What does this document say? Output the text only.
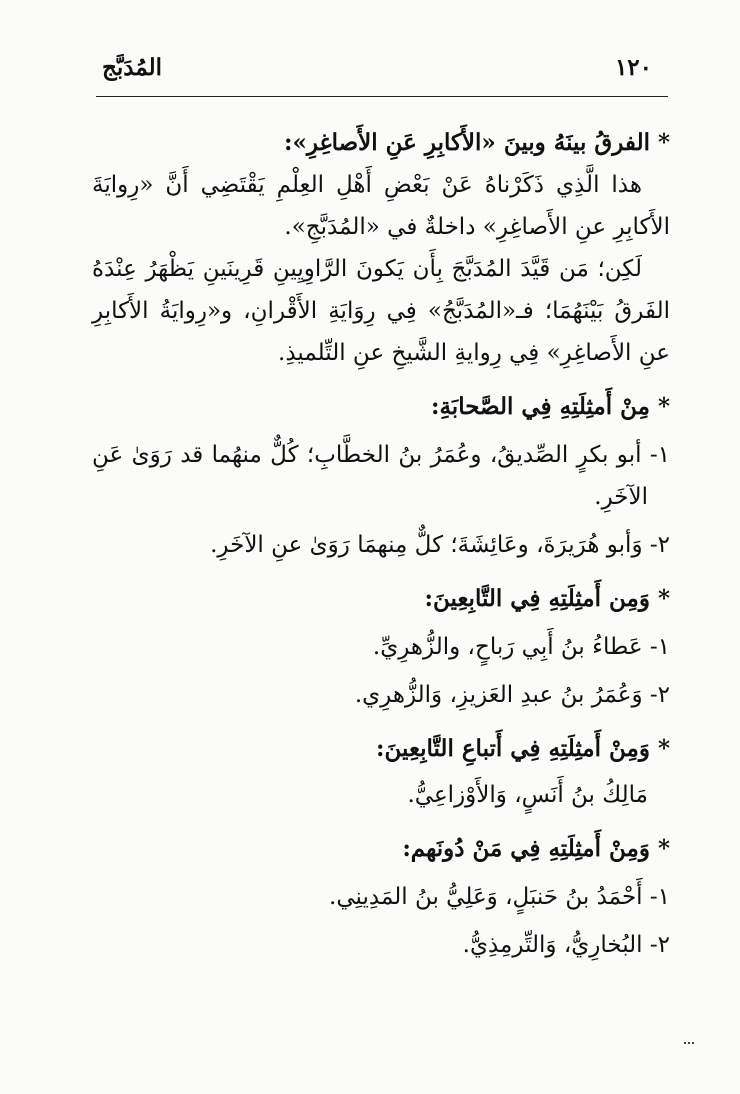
١٢٠
المُدَبَّج

*الفرقُ بينَهُ وبينَ «الأَكابِرِ عَنِ الأَصاغِرِ»:

هذا الَّذِي ذَكَرْناهُ عَنْ بَعْضِ أَهْلِ العِلْمِ يَقْتَضِي أَنَّ «رِوايَةَ الأَكابِرِ عنِ الأَصاغِرِ» داخلةٌ في «المُدَبَّجِ».

لَكِن؛ مَن قَيَّدَ المُدَبَّجَ بِأَن يَكونَ الرَّاوِيِينِ قَرِينَينِ يَظْهَرُ عِنْدَهُ الفَرقُ بَيْنَهُمَا؛ فـ«المُدَبَّجُ» فِي رِوَايَةِ الأَقْرانِ، و«رِوايَةُ الأَكابِرِ عنِ الأَصاغِرِ» فِي رِوايةِ الشَّيخِ عنِ التِّلميذِ.

*مِنْ أَمثِلَتِهِ فِي الصَّحابَةِ:

١- أبو بكرٍ الصِّديقُ، وعُمَرُ بنُ الخطَّابِ؛ كُلٌّ منهُما قد رَوَىٰ عَنِ الآخَرِ.

٢- وَأبو هُرَيرَةَ، وعَائِشَةَ؛ كلٌّ مِنهمَا رَوَىٰ عنِ الآخَرِ.

*وَمِن أَمثِلَتِهِ فِي التَّابِعِينَ:

١- عَطاءُ بنُ أَبِي رَباحٍ، والزُّهرِيِّ.

٢- وَعُمَرُ بنُ عبدِ العَزيزِ، وَالزُّهرِي.

*وَمِنْ أَمثِلَتِهِ فِي أَتباعِ التَّابِعِينَ:

مَالِكُ بنُ أَنَسٍ، وَالأَوْزاعِيُّ.

*وَمِنْ أَمثِلَتِهِ فِي مَنْ دُونَهم:

١- أَحْمَدُ بنُ حَنبَلٍ، وَعَلِيُّ بنُ المَدِينِي.

٢- البُخارِيُّ، وَالتِّرمِذِيُّ.
